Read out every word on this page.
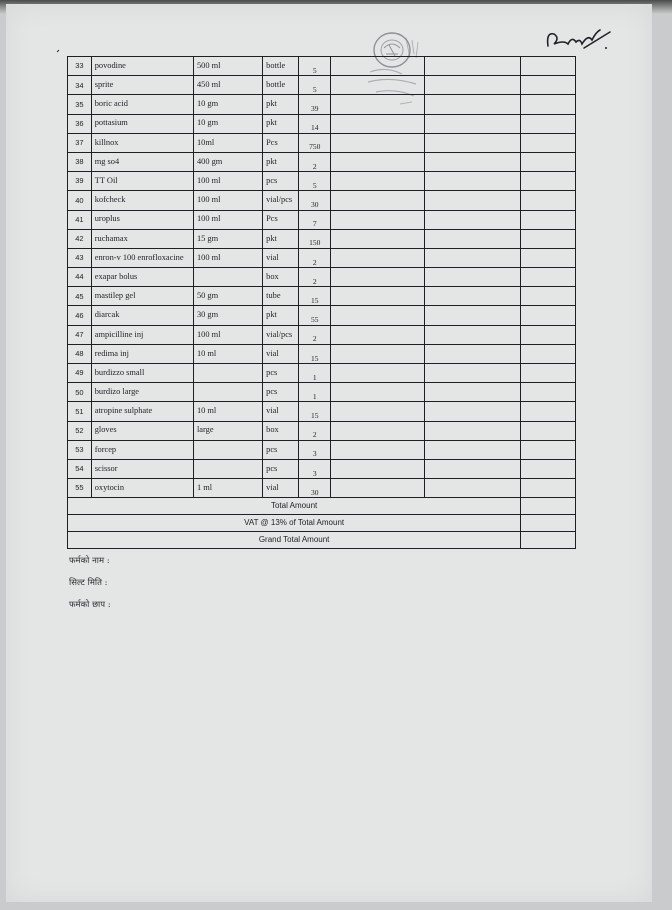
33	povodine	500 ml	bottle	5			
34	sprite	450 ml	bottle	5			
35	boric acid	10 gm	pkt	39			
36	pottasium	10 gm	pkt	14			
37	killnox	10ml	Pcs	750			
38	mg so4	400 gm	pkt	2			
39	TT Oil	100 ml	pcs	5			
40	kofcheck	100 ml	vial/pcs	30			
41	uroplus	100 ml	Pcs	7			
42	ruchamax	15 gm	pkt	150			
43	enron-v 100 enrofloxacine	100 ml	vial	2			
44	exapar bolus		box	2			
45	mastilep gel	50 gm	tube	15			
46	diarcak	30 gm	pkt	55			
47	ampicilline inj	100 ml	vial/pcs	2			
48	redima inj	10 ml	vial	15			
49	burdizzo small		pcs	1			
50	burdizo large		pcs	1			
51	atropine sulphate	10 ml	vial	15			
52	gloves	large	box	2			
53	forcep		pcs	3			
54	scissor		pcs	3			
55	oxytocin	1 ml	vial	30			
Total Amount							
VAT @ 13% of Total Amount							
Grand Total Amount							
फर्मको नाम :
सिल्ट मिति :
फर्मको छाप :
